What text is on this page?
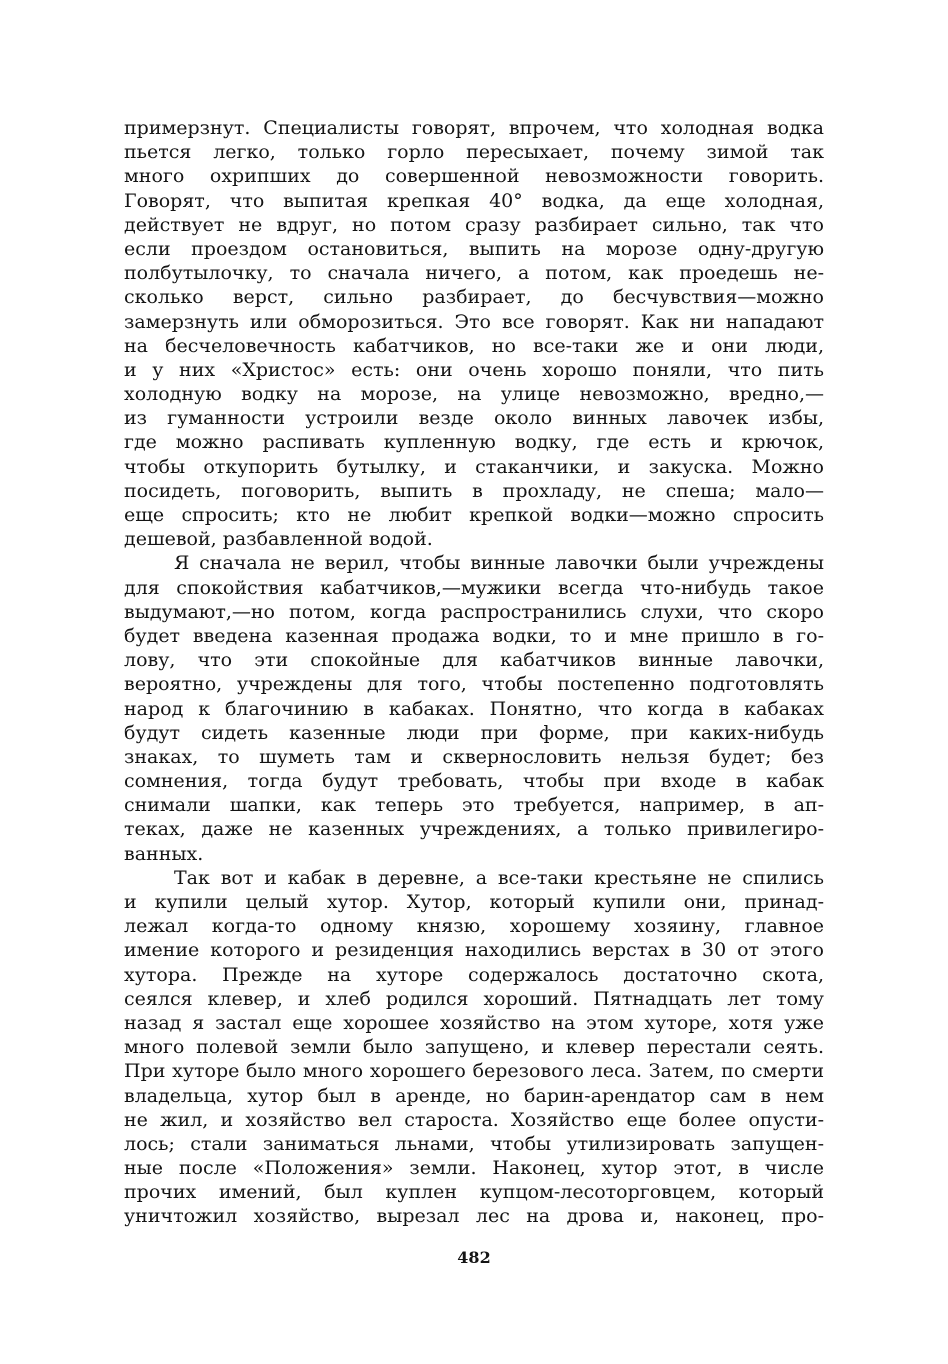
примерзнут. Специалисты говорят, впрочем, что холодная водка
пьется легко, только горло пересыхает, почему зимой так
много охрипших до совершенной невозможности говорить.
Говорят, что выпитая крепкая 40° водка, да еще холодная,
действует не вдруг, но потом сразу разбирает сильно, так что
если проездом остановиться, выпить на морозе одну-другую
полбутылочку, то сначала ничего, а потом, как проедешь не-
сколько верст, сильно разбирает, до бесчувствия—можно
замерзнуть или обморозиться. Это все говорят. Как ни нападают
на бесчеловечность кабатчиков, но все-таки же и они люди,
и у них «Христос» есть: они очень хорошо поняли, что пить
холодную водку на морозе, на улице невозможно, вредно,—
из гуманности устроили везде около винных лавочек избы,
где можно распивать купленную водку, где есть и крючок,
чтобы откупорить бутылку, и стаканчики, и закуска. Можно
посидеть, поговорить, выпить в прохладу, не спеша; мало—
еще спросить; кто не любит крепкой водки—можно спросить
дешевой, разбавленной водой.
Я сначала не верил, чтобы винные лавочки были учреждены
для спокойствия кабатчиков,—мужики всегда что-нибудь такое
выдумают,—но потом, когда распространились слухи, что скоро
будет введена казенная продажа водки, то и мне пришло в го-
лову, что эти спокойные для кабатчиков винные лавочки,
вероятно, учреждены для того, чтобы постепенно подготовлять
народ к благочинию в кабаках. Понятно, что когда в кабаках
будут сидеть казенные люди при форме, при каких-нибудь
знаках, то шуметь там и сквернословить нельзя будет; без
сомнения, тогда будут требовать, чтобы при входе в кабак
снимали шапки, как теперь это требуется, например, в ап-
теках, даже не казенных учреждениях, а только привилегиро-
ванных.
Так вот и кабак в деревне, а все-таки крестьяне не спились
и купили целый хутор. Хутор, который купили они, принад-
лежал когда-то одному князю, хорошему хозяину, главное
имение которого и резиденция находились верстах в 30 от этого
хутора. Прежде на хуторе содержалось достаточно скота,
сеялся клевер, и хлеб родился хороший. Пятнадцать лет тому
назад я застал еще хорошее хозяйство на этом хуторе, хотя уже
много полевой земли было запущено, и клевер перестали сеять.
При хуторе было много хорошего березового леса. Затем, по смерти
владельца, хутор был в аренде, но барин-арендатор сам в нем
не жил, и хозяйство вел староста. Хозяйство еще более опусти-
лось; стали заниматься льнами, чтобы утилизировать запущен-
ные после «Положения» земли. Наконец, хутор этот, в числе
прочих имений, был куплен купцом-лесоторговцем, который
уничтожил хозяйство, вырезал лес на дрова и, наконец, про-
482
